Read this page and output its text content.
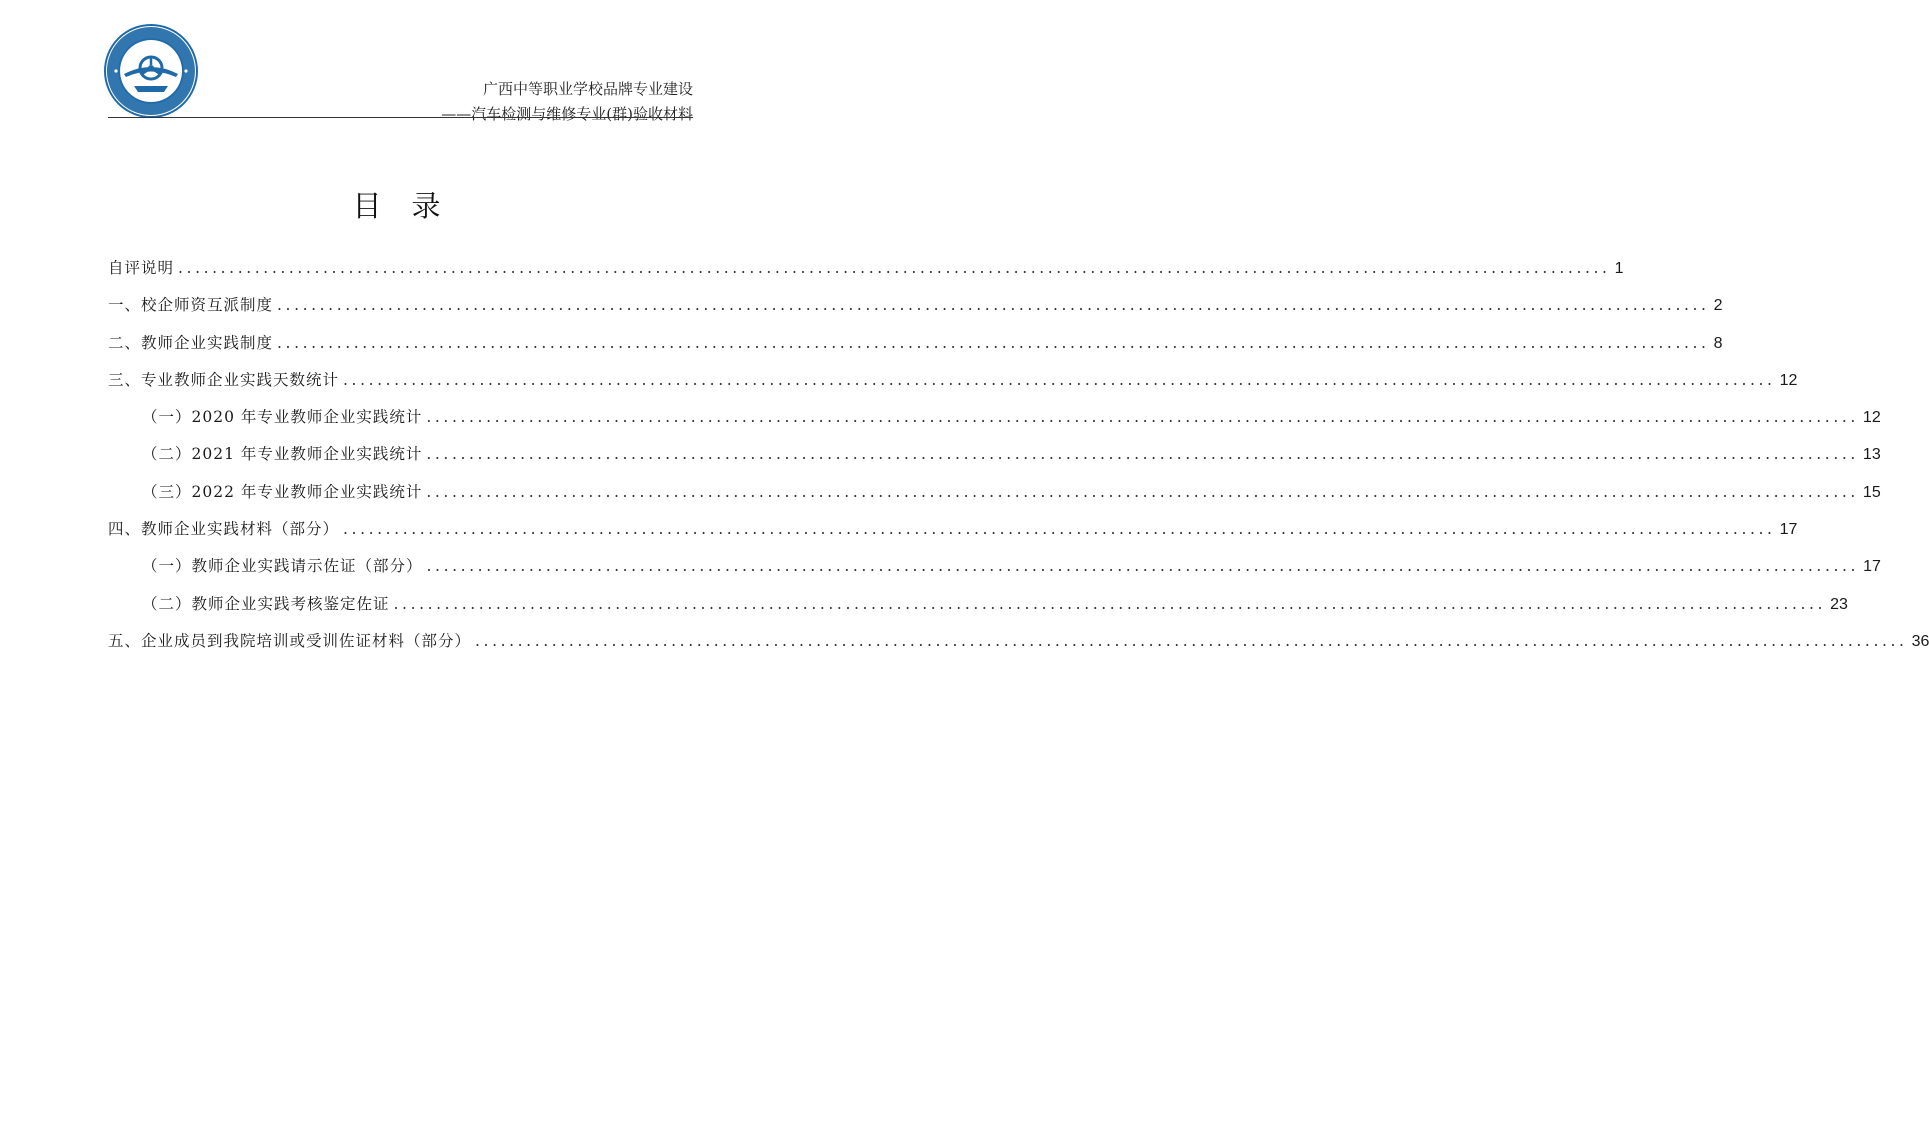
广西中等职业学校品牌专业建设
——汽车检测与维修专业(群)验收材料
目录
自评说明 ........................................................................................................................................................................ 1
一、校企师资互派制度 ........................................................................................................................................................................ 2
二、教师企业实践制度 ........................................................................................................................................................................ 8
三、专业教师企业实践天数统计 ........................................................................................................................................................................ 12
（一）2020 年专业教师企业实践统计 ........................................................................................................................................................................ 12
（二）2021 年专业教师企业实践统计 ........................................................................................................................................................................ 13
（三）2022 年专业教师企业实践统计 ........................................................................................................................................................................ 15
四、教师企业实践材料（部分） ........................................................................................................................................................................ 17
（一）教师企业实践请示佐证（部分） ........................................................................................................................................................................ 17
（二）教师企业实践考核鉴定佐证 ........................................................................................................................................................................ 23
五、企业成员到我院培训或受训佐证材料（部分） ........................................................................................................................................................................ 36
